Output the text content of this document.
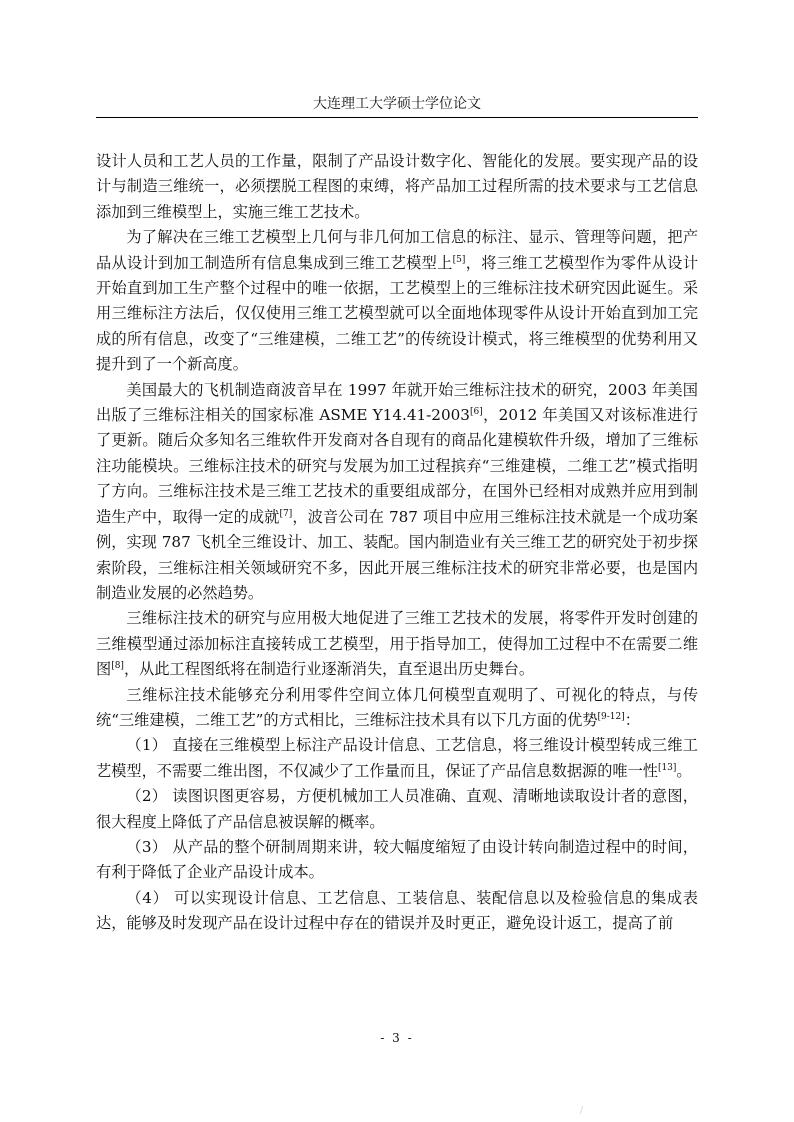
大连理工大学硕士学位论文

设计人员和工艺人员的工作量，限制了产品设计数字化、智能化的发展。要实现产品的设计与制造三维统一，必须摆脱工程图的束缚，将产品加工过程所需的技术要求与工艺信息添加到三维模型上，实施三维工艺技术。

为了解决在三维工艺模型上几何与非几何加工信息的标注、显示、管理等问题，把产品从设计到加工制造所有信息集成到三维工艺模型上[5]，将三维工艺模型作为零件从设计开始直到加工生产整个过程中的唯一依据，工艺模型上的三维标注技术研究因此诞生。采用三维标注方法后，仅仅使用三维工艺模型就可以全面地体现零件从设计开始直到加工完成的所有信息，改变了“三维建模，二维工艺”的传统设计模式，将三维模型的优势利用又提升到了一个新高度。

美国最大的飞机制造商波音早在 1997 年就开始三维标注技术的研究，2003 年美国出版了三维标注相关的国家标准 ASME Y14.41-2003[6]，2012 年美国又对该标准进行了更新。随后众多知名三维软件开发商对各自现有的商品化建模软件升级，增加了三维标注功能模块。三维标注技术的研究与发展为加工过程摈弃“三维建模，二维工艺”模式指明了方向。三维标注技术是三维工艺技术的重要组成部分，在国外已经相对成熟并应用到制造生产中，取得一定的成就[7]，波音公司在 787 项目中应用三维标注技术就是一个成功案例，实现 787 飞机全三维设计、加工、装配。国内制造业有关三维工艺的研究处于初步探索阶段，三维标注相关领域研究不多，因此开展三维标注技术的研究非常必要，也是国内制造业发展的必然趋势。

三维标注技术的研究与应用极大地促进了三维工艺技术的发展，将零件开发时创建的三维模型通过添加标注直接转成工艺模型，用于指导加工，使得加工过程中不在需要二维图[8]，从此工程图纸将在制造行业逐渐消失，直至退出历史舞台。

三维标注技术能够充分利用零件空间立体几何模型直观明了、可视化的特点，与传统“三维建模，二维工艺”的方式相比，三维标注技术具有以下几方面的优势[9-12]：

（1） 直接在三维模型上标注产品设计信息、工艺信息，将三维设计模型转成三维工艺模型，不需要二维出图，不仅减少了工作量而且，保证了产品信息数据源的唯一性[13]。

（2） 读图识图更容易，方便机械加工人员准确、直观、清晰地读取设计者的意图，很大程度上降低了产品信息被误解的概率。

（3） 从产品的整个研制周期来讲，较大幅度缩短了由设计转向制造过程中的时间，有利于降低了企业产品设计成本。

（4） 可以实现设计信息、工艺信息、工装信息、装配信息以及检验信息的集成表达，能够及时发现产品在设计过程中存在的错误并及时更正，避免设计返工，提高了前

- 3 -
/
